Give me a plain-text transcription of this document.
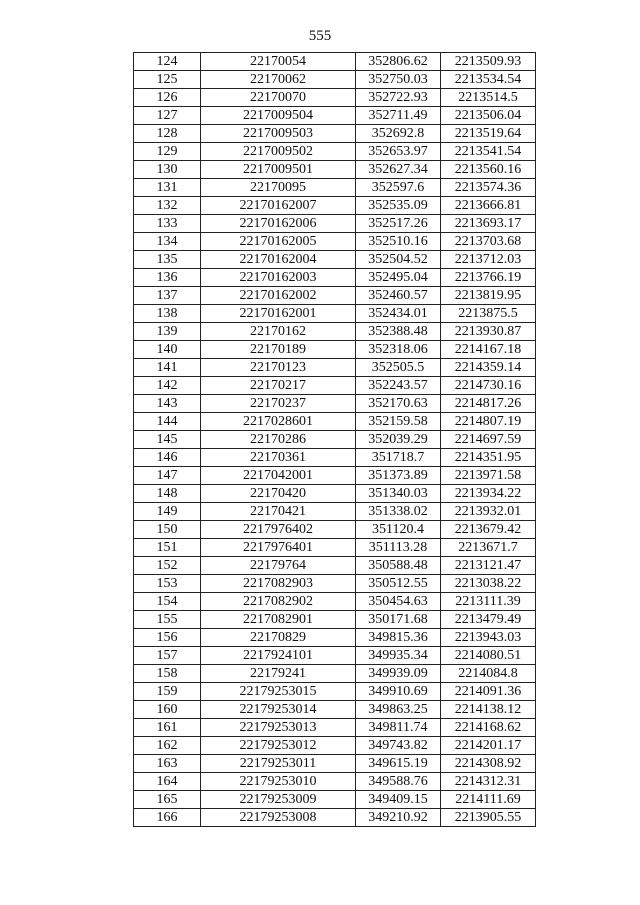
555
124	22170054	352806.62	2213509.93
125	22170062	352750.03	2213534.54
126	22170070	352722.93	2213514.5
127	2217009504	352711.49	2213506.04
128	2217009503	352692.8	2213519.64
129	2217009502	352653.97	2213541.54
130	2217009501	352627.34	2213560.16
131	22170095	352597.6	2213574.36
132	22170162007	352535.09	2213666.81
133	22170162006	352517.26	2213693.17
134	22170162005	352510.16	2213703.68
135	22170162004	352504.52	2213712.03
136	22170162003	352495.04	2213766.19
137	22170162002	352460.57	2213819.95
138	22170162001	352434.01	2213875.5
139	22170162	352388.48	2213930.87
140	22170189	352318.06	2214167.18
141	22170123	352505.5	2214359.14
142	22170217	352243.57	2214730.16
143	22170237	352170.63	2214817.26
144	2217028601	352159.58	2214807.19
145	22170286	352039.29	2214697.59
146	22170361	351718.7	2214351.95
147	2217042001	351373.89	2213971.58
148	22170420	351340.03	2213934.22
149	22170421	351338.02	2213932.01
150	2217976402	351120.4	2213679.42
151	2217976401	351113.28	2213671.7
152	22179764	350588.48	2213121.47
153	2217082903	350512.55	2213038.22
154	2217082902	350454.63	2213111.39
155	2217082901	350171.68	2213479.49
156	22170829	349815.36	2213943.03
157	2217924101	349935.34	2214080.51
158	22179241	349939.09	2214084.8
159	22179253015	349910.69	2214091.36
160	22179253014	349863.25	2214138.12
161	22179253013	349811.74	2214168.62
162	22179253012	349743.82	2214201.17
163	22179253011	349615.19	2214308.92
164	22179253010	349588.76	2214312.31
165	22179253009	349409.15	2214111.69
166	22179253008	349210.92	2213905.55
